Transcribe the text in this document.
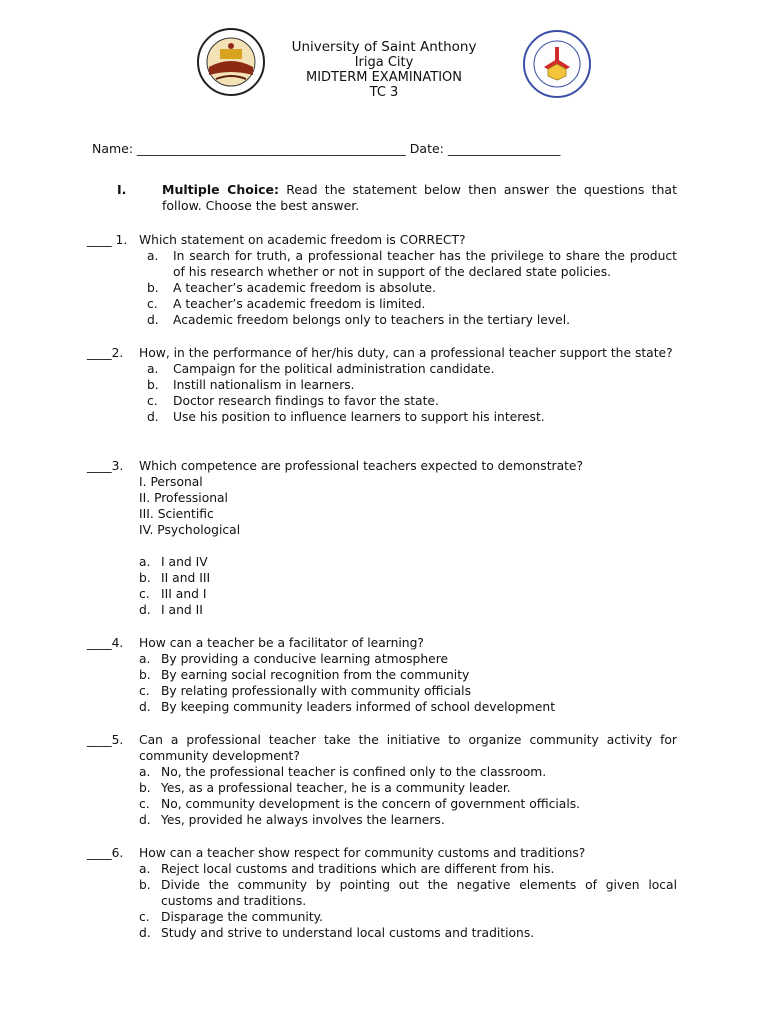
University of Saint Anthony
Iriga City
MIDTERM EXAMINATION
TC 3
Name: ___________________________________________ Date: __________________
I.	Multiple Choice: Read the statement below then answer the questions that follow. Choose the best answer.
____ 1. Which statement on academic freedom is CORRECT?
a. In search for truth, a professional teacher has the privilege to share the product of his research whether or not in support of the declared state policies.
b. A teacher’s academic freedom is absolute.
c. A teacher’s academic freedom is limited.
d. Academic freedom belongs only to teachers in the tertiary level.
____2. How, in the performance of her/his duty, can a professional teacher support the state?
a. Campaign for the political administration candidate.
b. Instill nationalism in learners.
c. Doctor research findings to favor the state.
d. Use his position to influence learners to support his interest.
____3. Which competence are professional teachers expected to demonstrate?
I. Personal
II. Professional
III. Scientific
IV. Psychological
a. I and IV
b. II and III
c. III and I
d. I and II
____4. How can a teacher be a facilitator of learning?
a. By providing a conducive learning atmosphere
b. By earning social recognition from the community
c. By relating professionally with community officials
d. By keeping community leaders informed of school development
____5. Can a professional teacher take the initiative to organize community activity for community development?
a. No, the professional teacher is confined only to the classroom.
b. Yes, as a professional teacher, he is a community leader.
c. No, community development is the concern of government officials.
d. Yes, provided he always involves the learners.
____6. How can a teacher show respect for community customs and traditions?
a. Reject local customs and traditions which are different from his.
b. Divide the community by pointing out the negative elements of given local customs and traditions.
c. Disparage the community.
d. Study and strive to understand local customs and traditions.
